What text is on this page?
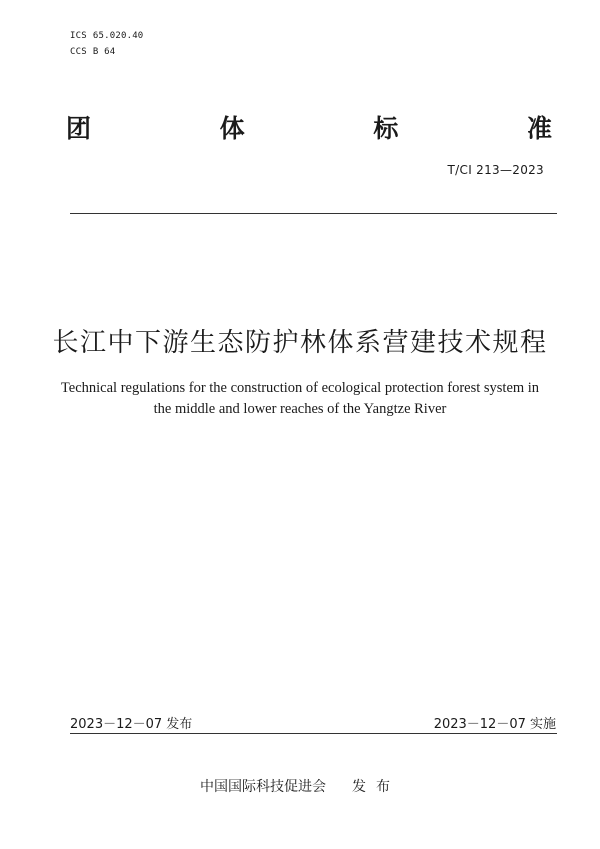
ICS 65.020.40
CCS B 64
团	体	标	准
T/CI 213—2023
长江中下游生态防护林体系营建技术规程
Technical regulations for the construction of ecological protection forest system in
the middle and lower reaches of the Yangtze River
2023－12－07 发布	2023－12－07 实施
中国国际科技促进会 发布
